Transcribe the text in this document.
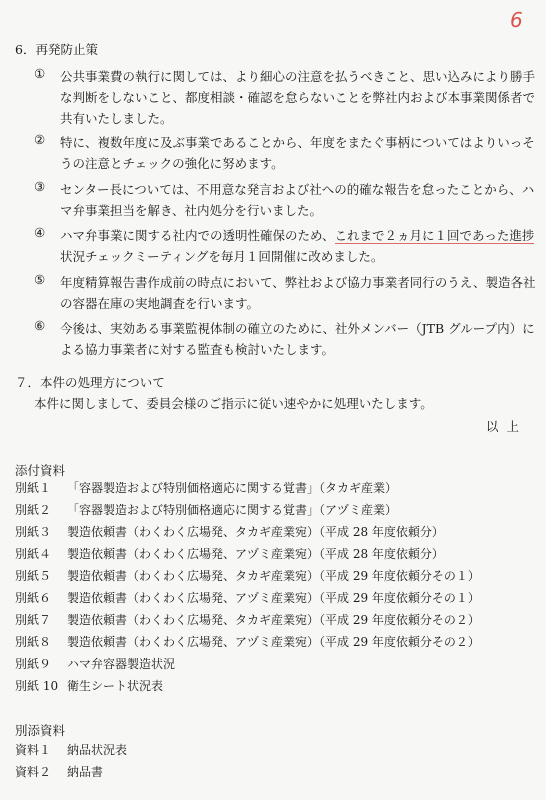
6
6．再発防止策
①	公共事業費の執行に関しては、より細心の注意を払うべきこと、思い込みにより勝手
な判断をしないこと、都度相談・確認を怠らないことを弊社内および本事業関係者で
共有いたしました。
②	特に、複数年度に及ぶ事業であることから、年度をまたぐ事柄についてはよりいっそ
うの注意とチェックの強化に努めます。
③	センター長については、不用意な発言および社への的確な報告を怠ったことから、ハ
マ弁事業担当を解き、社内処分を行いました。
④	ハマ弁事業に関する社内での透明性確保のため、これまで２ヵ月に１回であった進捗
状況チェックミーティングを毎月１回開催に改めました。
⑤	年度精算報告書作成前の時点において、弊社および協力事業者同行のうえ、製造各社
の容器在庫の実地調査を行います。
⑥	今後は、実効ある事業監視体制の確立のために、社外メンバー（JTB グループ内）に
よる協力事業者に対する監査も検討いたします。
７．本件の処理方について
本件に関しまして、委員会様のご指示に従い速やかに処理いたします。
以上
添付資料
別紙１ 「容器製造および特別価格適応に関する覚書」（タカギ産業）
別紙２ 「容器製造および特別価格適応に関する覚書」（アヅミ産業）
別紙３ 製造依頼書（わくわく広場発、タカギ産業宛）（平成 28 年度依頼分）
別紙４ 製造依頼書（わくわく広場発、アヅミ産業宛）（平成 28 年度依頼分）
別紙５ 製造依頼書（わくわく広場発、タカギ産業宛）（平成 29 年度依頼分その１）
別紙６ 製造依頼書（わくわく広場発、アヅミ産業宛）（平成 29 年度依頼分その１）
別紙７ 製造依頼書（わくわく広場発、タカギ産業宛）（平成 29 年度依頼分その２）
別紙８ 製造依頼書（わくわく広場発、アヅミ産業宛）（平成 29 年度依頼分その２）
別紙９ ハマ弁容器製造状況
別紙 10 衛生シート状況表
別添資料
資料１ 納品状況表
資料２ 納品書
